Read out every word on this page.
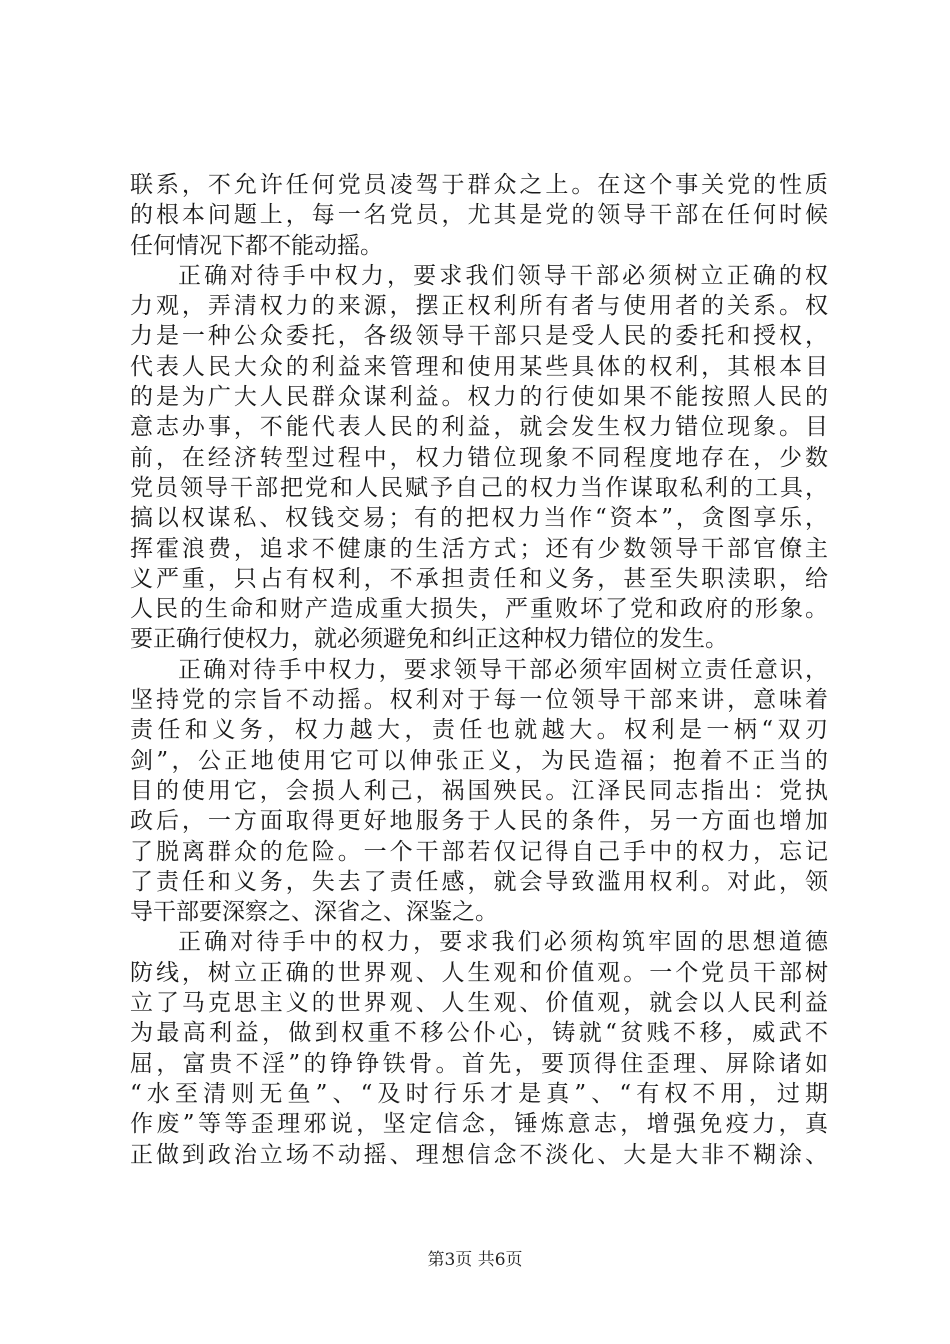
联系，不允许任何党员凌驾于群众之上。在这个事关党的性质
的根本问题上，每一名党员，尤其是党的领导干部在任何时候
任何情况下都不能动摇。
正确对待手中权力，要求我们领导干部必须树立正确的权
力观，弄清权力的来源，摆正权利所有者与使用者的关系。权
力是一种公众委托，各级领导干部只是受人民的委托和授权，
代表人民大众的利益来管理和使用某些具体的权利，其根本目
的是为广大人民群众谋利益。权力的行使如果不能按照人民的
意志办事，不能代表人民的利益，就会发生权力错位现象。目
前，在经济转型过程中，权力错位现象不同程度地存在，少数
党员领导干部把党和人民赋予自己的权力当作谋取私利的工具，
搞以权谋私、权钱交易；有的把权力当作“资本”，贪图享乐，
挥霍浪费，追求不健康的生活方式；还有少数领导干部官僚主
义严重，只占有权利，不承担责任和义务，甚至失职渎职，给
人民的生命和财产造成重大损失，严重败坏了党和政府的形象。
要正确行使权力，就必须避免和纠正这种权力错位的发生。
正确对待手中权力，要求领导干部必须牢固树立责任意识，
坚持党的宗旨不动摇。权利对于每一位领导干部来讲，意味着
责任和义务，权力越大，责任也就越大。权利是一柄“双刃
剑”，公正地使用它可以伸张正义，为民造福；抱着不正当的
目的使用它，会损人利己，祸国殃民。江泽民同志指出：党执
政后，一方面取得更好地服务于人民的条件，另一方面也增加
了脱离群众的危险。一个干部若仅记得自己手中的权力，忘记
了责任和义务，失去了责任感，就会导致滥用权利。对此，领
导干部要深察之、深省之、深鉴之。
正确对待手中的权力，要求我们必须构筑牢固的思想道德
防线，树立正确的世界观、人生观和价值观。一个党员干部树
立了马克思主义的世界观、人生观、价值观，就会以人民利益
为最高利益，做到权重不移公仆心，铸就“贫贱不移，威武不
屈，富贵不淫”的铮铮铁骨。首先，要顶得住歪理、屏除诸如
“水至清则无鱼”、“及时行乐才是真”、“有权不用，过期
作废”等等歪理邪说，坚定信念，锤炼意志，增强免疫力，真
正做到政治立场不动摇、理想信念不淡化、大是大非不糊涂、
第3页 共6页
